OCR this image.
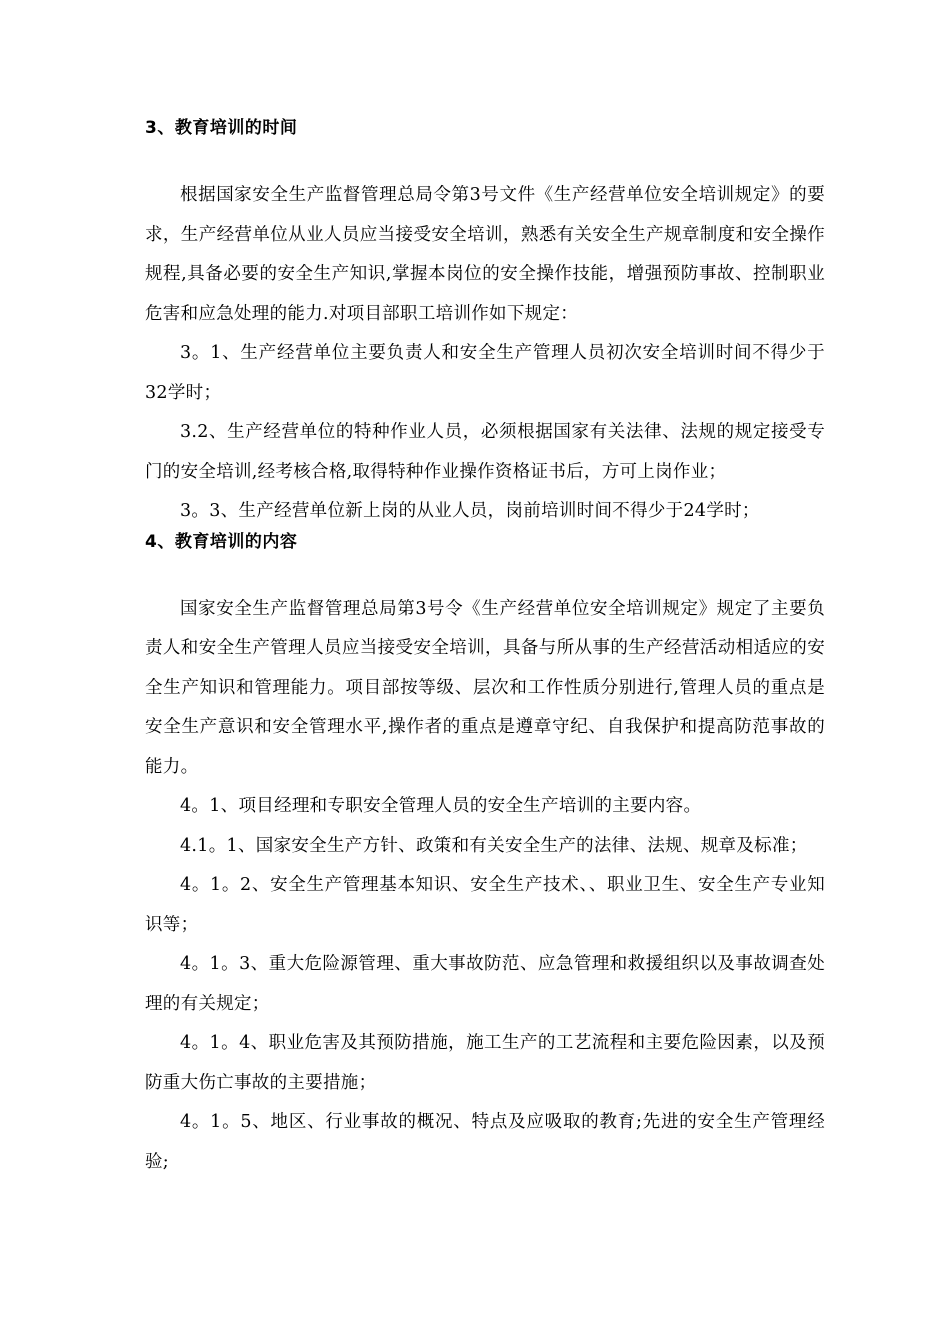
3、教育培训的时间

根据国家安全生产监督管理总局令第3号文件《生产经营单位安全培训规定》的要求，生产经营单位从业人员应当接受安全培训，熟悉有关安全生产规章制度和安全操作规程,具备必要的安全生产知识,掌握本岗位的安全操作技能，增强预防事故、控制职业危害和应急处理的能力.对项目部职工培训作如下规定：

3。1、生产经营单位主要负责人和安全生产管理人员初次安全培训时间不得少于32学时；

3.2、生产经营单位的特种作业人员，必须根据国家有关法律、法规的规定接受专门的安全培训,经考核合格,取得特种作业操作资格证书后，方可上岗作业；

3。3、生产经营单位新上岗的从业人员，岗前培训时间不得少于24学时；

4、教育培训的内容

国家安全生产监督管理总局第3号令《生产经营单位安全培训规定》规定了主要负责人和安全生产管理人员应当接受安全培训，具备与所从事的生产经营活动相适应的安全生产知识和管理能力。项目部按等级、层次和工作性质分别进行,管理人员的重点是安全生产意识和安全管理水平,操作者的重点是遵章守纪、自我保护和提高防范事故的能力。

4。1、项目经理和专职安全管理人员的安全生产培训的主要内容。

4.1。1、国家安全生产方针、政策和有关安全生产的法律、法规、规章及标准；

4。1。2、安全生产管理基本知识、安全生产技术、、职业卫生、安全生产专业知识等；

4。1。3、重大危险源管理、重大事故防范、应急管理和救援组织以及事故调查处理的有关规定；

4。1。4、职业危害及其预防措施，施工生产的工艺流程和主要危险因素，以及预防重大伤亡事故的主要措施；

4。1。5、地区、行业事故的概况、特点及应吸取的教育;先进的安全生产管理经验;
